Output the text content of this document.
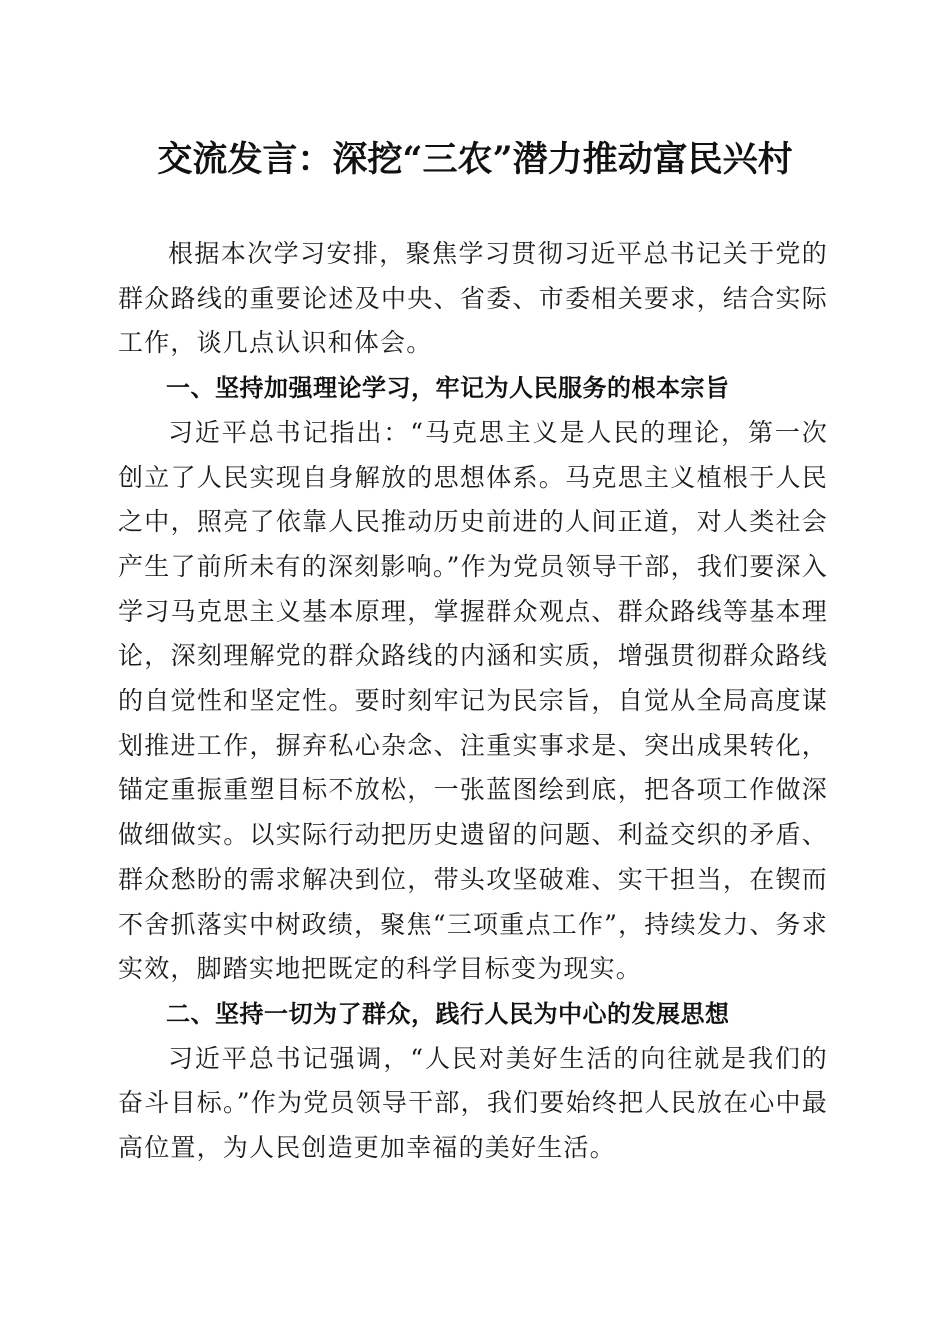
交流发言：深挖“三农”潜力推动富民兴村

根据本次学习安排，聚焦学习贯彻习近平总书记关于党的群众路线的重要论述及中央、省委、市委相关要求，结合实际工作，谈几点认识和体会。

一、坚持加强理论学习，牢记为人民服务的根本宗旨

习近平总书记指出：“马克思主义是人民的理论，第一次创立了人民实现自身解放的思想体系。马克思主义植根于人民之中，照亮了依靠人民推动历史前进的人间正道，对人类社会产生了前所未有的深刻影响。”作为党员领导干部，我们要深入学习马克思主义基本原理，掌握群众观点、群众路线等基本理论，深刻理解党的群众路线的内涵和实质，增强贯彻群众路线的自觉性和坚定性。要时刻牢记为民宗旨，自觉从全局高度谋划推进工作，摒弃私心杂念、注重实事求是、突出成果转化，锚定重振重塑目标不放松，一张蓝图绘到底，把各项工作做深做细做实。以实际行动把历史遗留的问题、利益交织的矛盾、群众愁盼的需求解决到位，带头攻坚破难、实干担当，在锲而不舍抓落实中树政绩，聚焦“三项重点工作”，持续发力、务求实效，脚踏实地把既定的科学目标变为现实。

二、坚持一切为了群众，践行人民为中心的发展思想

习近平总书记强调，“人民对美好生活的向往就是我们的奋斗目标。”作为党员领导干部，我们要始终把人民放在心中最高位置，为人民创造更加幸福的美好生活。
